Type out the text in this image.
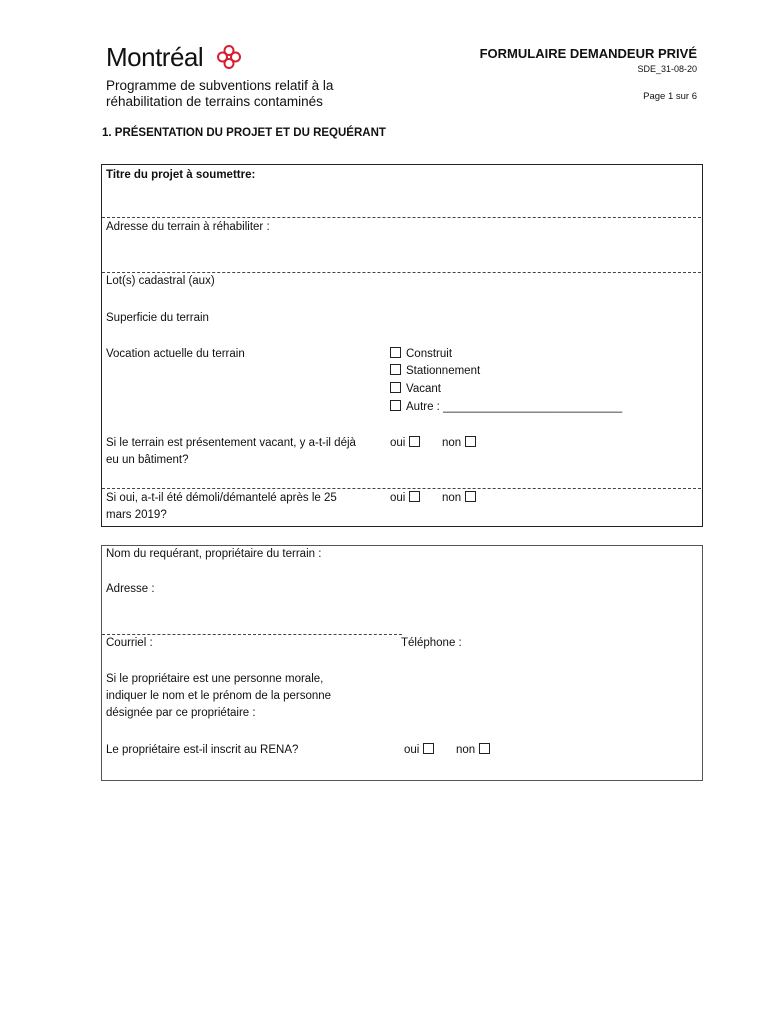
Montréal
Programme de subventions relatif à la
réhabilitation de terrains contaminés
FORMULAIRE DEMANDEUR PRIVÉ
SDE_31-08-20
Page 1 sur 6
1. PRÉSENTATION DU PROJET ET DU REQUÉRANT
Titre du projet à soumettre:
Adresse du terrain à réhabiliter :
Lot(s) cadastral (aux)
Superficie du terrain
Vocation actuelle du terrain	Construit
Stationnement
Vacant
Autre : ____________________________
Si le terrain est présentement vacant, y a-t-il déjà
eu un bâtiment?
oui	non
Si oui, a-t-il été démoli/démantelé après le 25
mars 2019?
oui	non
Nom du requérant, propriétaire du terrain :
Adresse :
Courriel :	Téléphone :
Si le propriétaire est une personne morale,
indiquer le nom et le prénom de la personne
désignée par ce propriétaire :
Le propriétaire est-il inscrit au RENA?	oui	non
